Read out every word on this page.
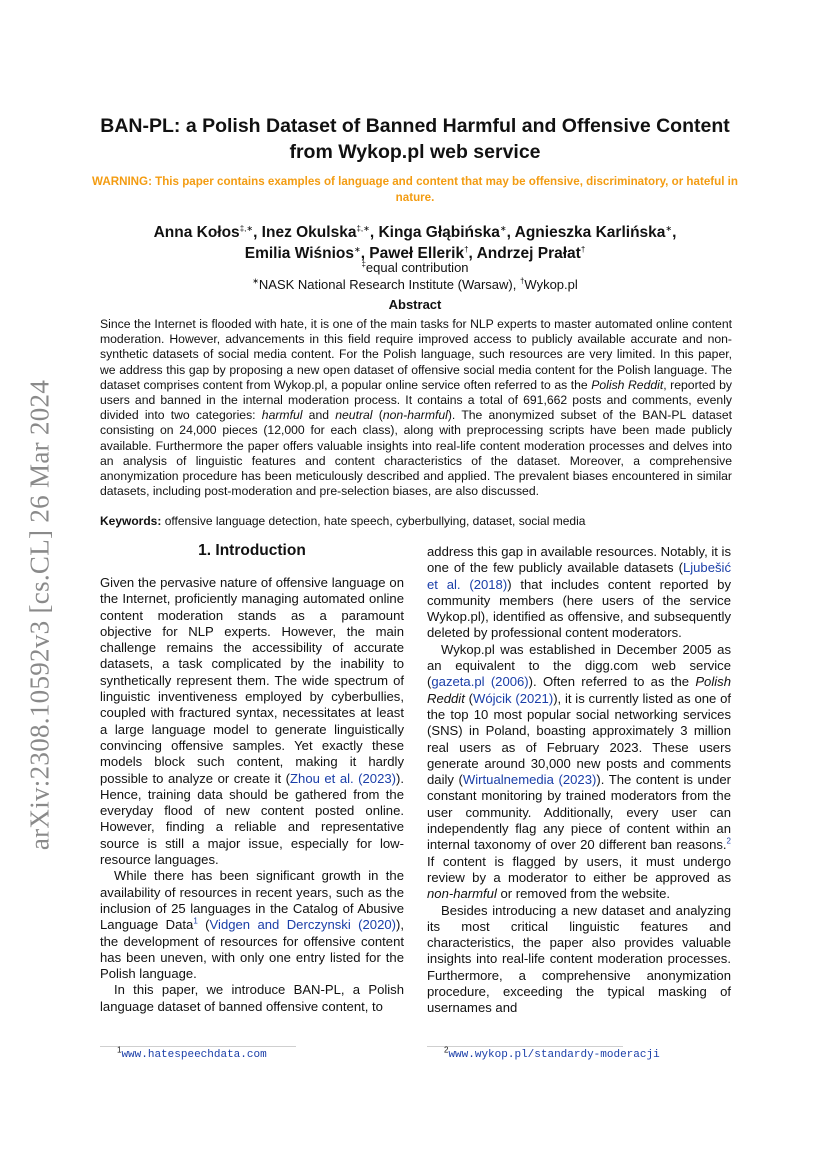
arXiv:2308.10592v3 [cs.CL] 26 Mar 2024
BAN-PL: a Polish Dataset of Banned Harmful and Offensive Content
from Wykop.pl web service
WARNING: This paper contains examples of language and content that may be offensive, discriminatory, or hateful in nature.
Anna Kołos‡,∗, Inez Okulska‡,∗, Kinga Głąbińska∗, Agnieszka Karlińska∗,
Emilia Wiśnios∗, Paweł Ellerik†, Andrzej Prałat†
‡equal contribution
∗NASK National Research Institute (Warsaw), †Wykop.pl
Abstract
Since the Internet is flooded with hate, it is one of the main tasks for NLP experts to master automated online content moderation. However, advancements in this field require improved access to publicly available accurate and non-synthetic datasets of social media content. For the Polish language, such resources are very limited. In this paper, we address this gap by proposing a new open dataset of offensive social media content for the Polish language. The dataset comprises content from Wykop.pl, a popular online service often referred to as the Polish Reddit, reported by users and banned in the internal moderation process. It contains a total of 691,662 posts and comments, evenly divided into two categories: harmful and neutral (non-harmful). The anonymized subset of the BAN-PL dataset consisting on 24,000 pieces (12,000 for each class), along with preprocessing scripts have been made publicly available. Furthermore the paper offers valuable insights into real-life content moderation processes and delves into an analysis of linguistic features and content characteristics of the dataset. Moreover, a comprehensive anonymization procedure has been meticulously described and applied. The prevalent biases encountered in similar datasets, including post-moderation and pre-selection biases, are also discussed.
Keywords: offensive language detection, hate speech, cyberbullying, dataset, social media
1. Introduction

Given the pervasive nature of offensive language on the Internet, proficiently managing automated online content moderation stands as a paramount objective for NLP experts. However, the main challenge remains the accessibility of accurate datasets, a task complicated by the inability to synthetically represent them. The wide spectrum of linguistic inventiveness employed by cyberbullies, coupled with fractured syntax, necessitates at least a large language model to generate linguistically convincing offensive samples. Yet exactly these models block such content, making it hardly possible to analyze or create it (Zhou et al. (2023)). Hence, training data should be gathered from the everyday flood of new content posted online. However, finding a reliable and representative source is still a major issue, especially for low-resource languages.

While there has been significant growth in the availability of resources in recent years, such as the inclusion of 25 languages in the Catalog of Abusive Language Data$^1$ (Vidgen and Derczynski (2020)), the development of resources for offensive content has been uneven, with only one entry listed for the Polish language.

In this paper, we introduce BAN-PL, a Polish language dataset of banned offensive content, to

address this gap in available resources. Notably, it is one of the few publicly available datasets (Ljubešić et al. (2018)) that includes content reported by community members (here users of the service Wykop.pl), identified as offensive, and subsequently deleted by professional content moderators.

Wykop.pl was established in December 2005 as an equivalent to the digg.com web service (gazeta.pl (2006)). Often referred to as the Polish Reddit (Wójcik (2021)), it is currently listed as one of the top 10 most popular social networking services (SNS) in Poland, boasting approximately 3 million real users as of February 2023. These users generate around 30,000 new posts and comments daily (Wirtualnemedia (2023)). The content is under constant monitoring by trained moderators from the user community. Additionally, every user can independently flag any piece of content within an internal taxonomy of over 20 different ban reasons.$^2$ If content is flagged by users, it must undergo review by a moderator to either be approved as non-harmful or removed from the website.

Besides introducing a new dataset and analyzing its most critical linguistic features and characteristics, the paper also provides valuable insights into real-life content moderation processes. Furthermore, a comprehensive anonymization procedure, exceeding the typical masking of usernames and

$^1$www.hatespeechdata.com	$^2$www.wykop.pl/standardy-moderacji
